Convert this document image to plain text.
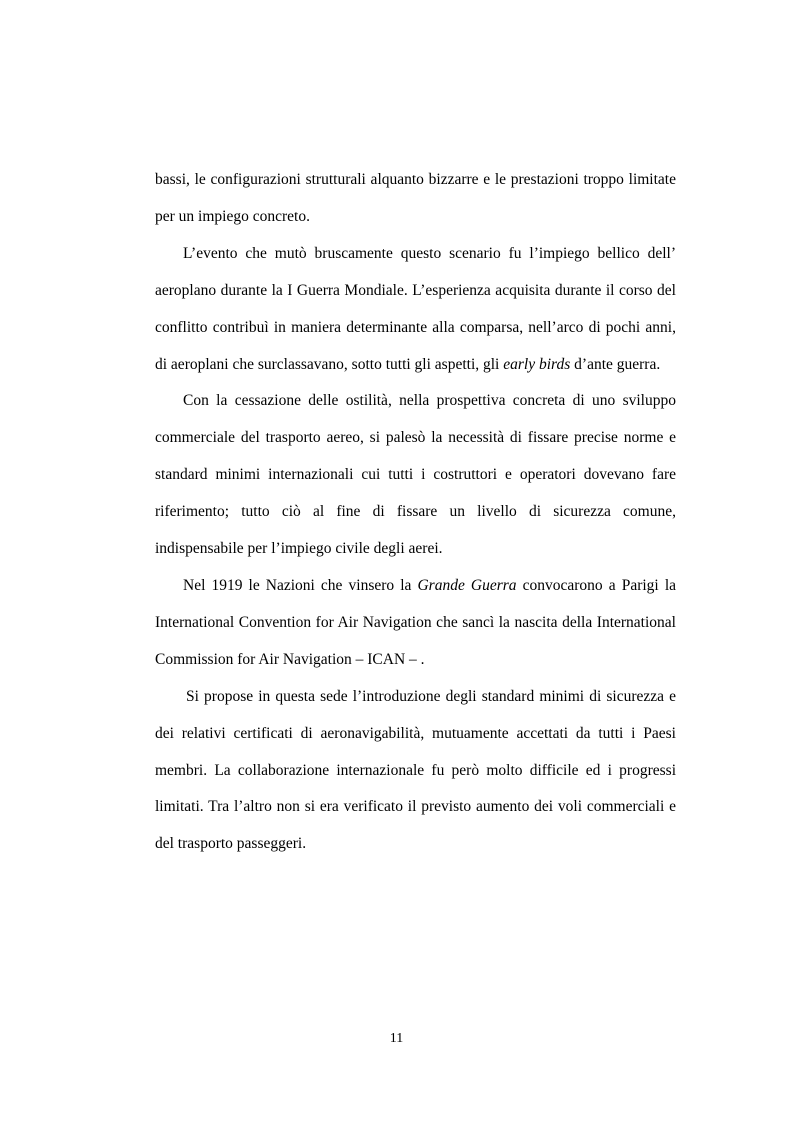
bassi, le configurazioni strutturali alquanto bizzarre e le prestazioni troppo limitate per un impiego concreto.

L’evento che mutò bruscamente questo scenario fu l’impiego bellico dell’ aeroplano durante la I Guerra Mondiale. L’esperienza acquisita durante il corso del conflitto contribuì in maniera determinante alla comparsa, nell’arco di pochi anni, di aeroplani che surclassavano, sotto tutti gli aspetti, gli early birds d’ante guerra.

Con la cessazione delle ostilità, nella prospettiva concreta di uno sviluppo commerciale del trasporto aereo, si palesò la necessità di fissare precise norme e standard minimi internazionali cui tutti i costruttori e operatori dovevano fare riferimento; tutto ciò al fine di fissare un livello di sicurezza comune, indispensabile per l’impiego civile degli aerei.

Nel 1919 le Nazioni che vinsero la Grande Guerra convocarono a Parigi la International Convention for Air Navigation che sancì la nascita della International Commission for Air Navigation – ICAN – .

Si propose in questa sede l’introduzione degli standard minimi di sicurezza e dei relativi certificati di aeronavigabilità, mutuamente accettati da tutti i Paesi membri. La collaborazione internazionale fu però molto difficile ed i progressi limitati. Tra l’altro non si era verificato il previsto aumento dei voli commerciali e del trasporto passeggeri.

11
